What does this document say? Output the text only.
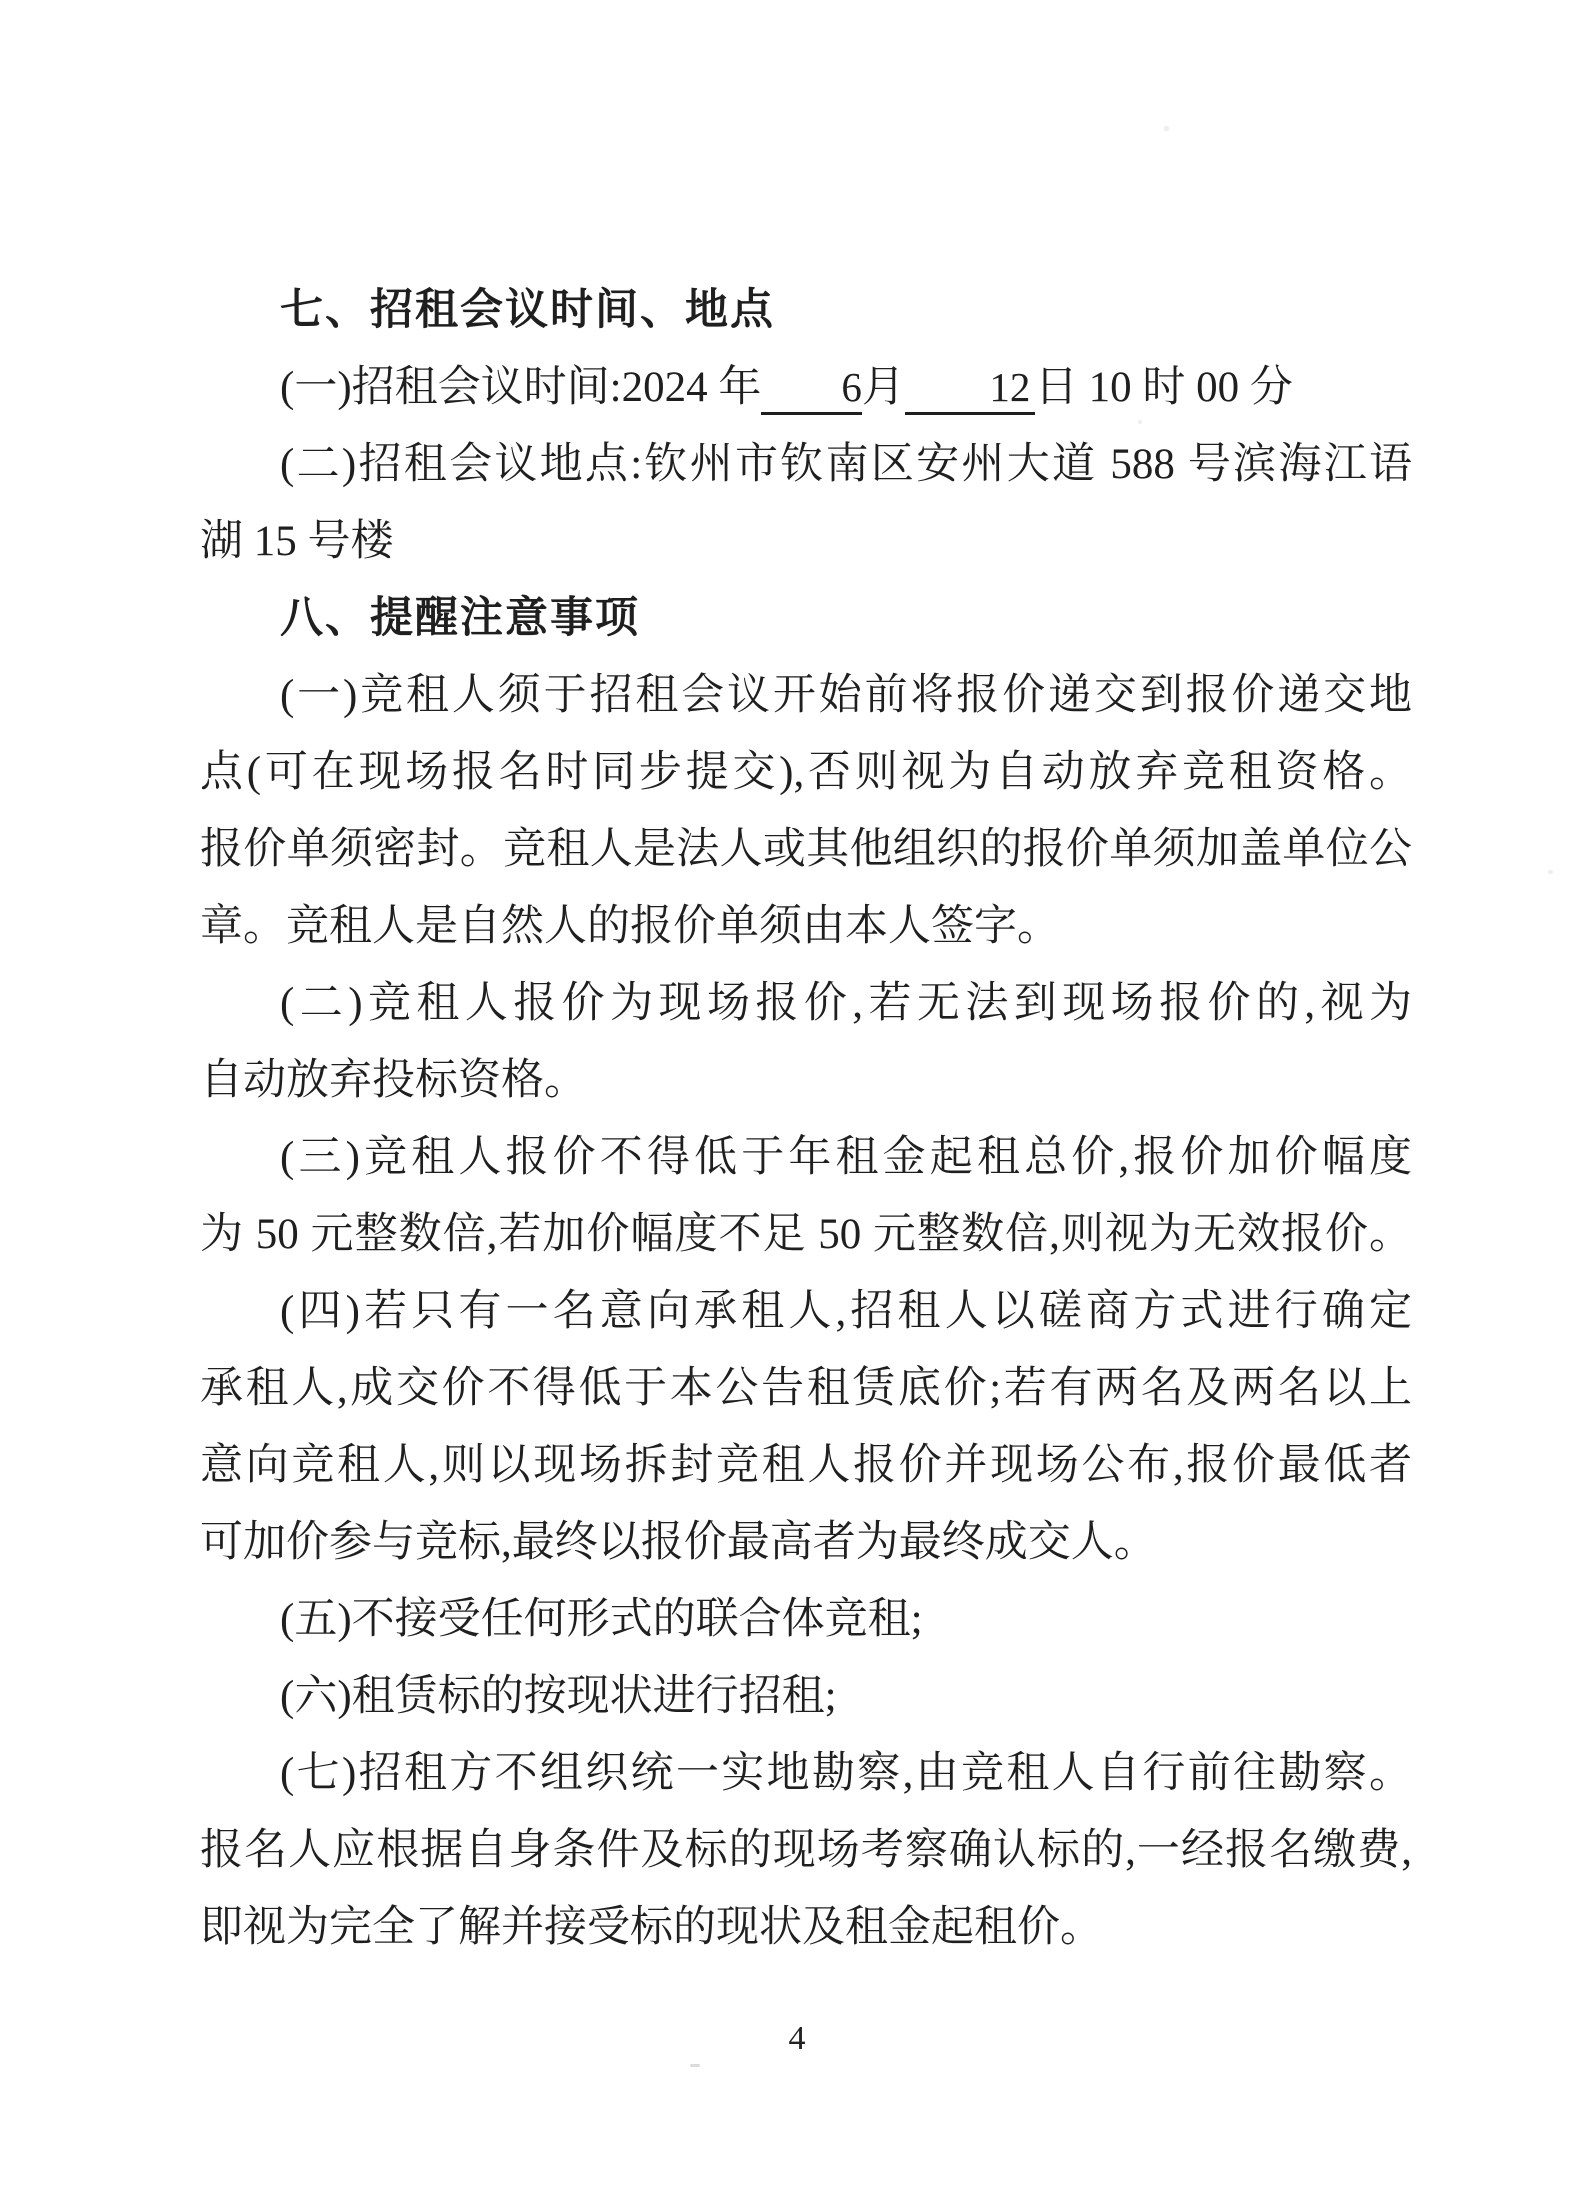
七、招租会议时间、地点
(一)招租会议时间:2024 年 6月 12 日 10 时 00 分
(二)招租会议地点:钦州市钦南区安州大道 588 号滨海江语
湖 15 号楼
八、提醒注意事项
(一)竞租人须于招租会议开始前将报价递交到报价递交地
点(可在现场报名时同步提交),否则视为自动放弃竞租资格。
报价单须密封。竞租人是法人或其他组织的报价单须加盖单位公
章。竞租人是自然人的报价单须由本人签字。
(二)竞租人报价为现场报价,若无法到现场报价的,视为
自动放弃投标资格。
(三)竞租人报价不得低于年租金起租总价,报价加价幅度
为 50 元整数倍,若加价幅度不足 50 元整数倍,则视为无效报价。
(四)若只有一名意向承租人,招租人以磋商方式进行确定
承租人,成交价不得低于本公告租赁底价;若有两名及两名以上
意向竞租人,则以现场拆封竞租人报价并现场公布,报价最低者
可加价参与竞标,最终以报价最高者为最终成交人。
(五)不接受任何形式的联合体竞租;
(六)租赁标的按现状进行招租;
(七)招租方不组织统一实地勘察,由竞租人自行前往勘察。
报名人应根据自身条件及标的现场考察确认标的,一经报名缴费,
即视为完全了解并接受标的现状及租金起租价。
4
